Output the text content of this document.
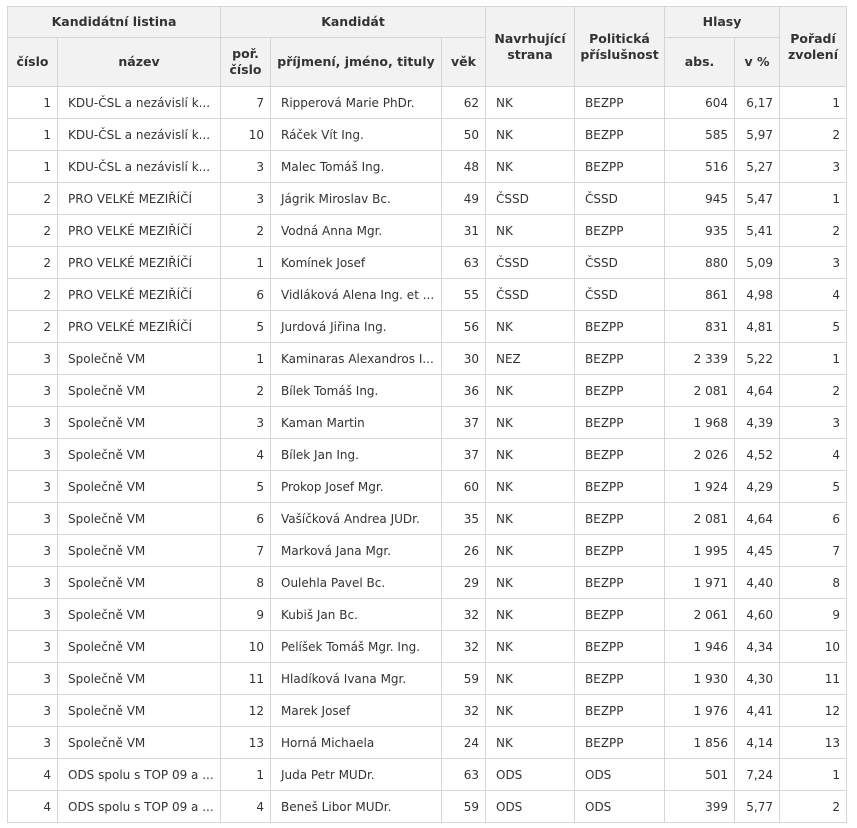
Kandidátní listina		Kandidát			Navrhující strana	Politická příslušnost	Hlasy		Pořadí zvolení
číslo	název	poř. číslo	příjmení, jméno, tituly	věk			abs.	v %	
1	KDU-ČSL a nezávislí k...	7	Ripperová Marie PhDr.	62	NK	BEZPP	604	6,17	1
1	KDU-ČSL a nezávislí k...	10	Ráček Vít Ing.	50	NK	BEZPP	585	5,97	2
1	KDU-ČSL a nezávislí k...	3	Malec Tomáš Ing.	48	NK	BEZPP	516	5,27	3
2	PRO VELKÉ MEZIŘÍČÍ	3	Jágrik Miroslav Bc.	49	ČSSD	ČSSD	945	5,47	1
2	PRO VELKÉ MEZIŘÍČÍ	2	Vodná Anna Mgr.	31	NK	BEZPP	935	5,41	2
2	PRO VELKÉ MEZIŘÍČÍ	1	Komínek Josef	63	ČSSD	ČSSD	880	5,09	3
2	PRO VELKÉ MEZIŘÍČÍ	6	Vidláková Alena Ing. et ...	55	ČSSD	ČSSD	861	4,98	4
2	PRO VELKÉ MEZIŘÍČÍ	5	Jurdová Jiřina Ing.	56	NK	BEZPP	831	4,81	5
3	Společně VM	1	Kaminaras Alexandros I...	30	NEZ	BEZPP	2 339	5,22	1
3	Společně VM	2	Bílek Tomáš Ing.	36	NK	BEZPP	2 081	4,64	2
3	Společně VM	3	Kaman Martin	37	NK	BEZPP	1 968	4,39	3
3	Společně VM	4	Bílek Jan Ing.	37	NK	BEZPP	2 026	4,52	4
3	Společně VM	5	Prokop Josef Mgr.	60	NK	BEZPP	1 924	4,29	5
3	Společně VM	6	Vašíčková Andrea JUDr.	35	NK	BEZPP	2 081	4,64	6
3	Společně VM	7	Marková Jana Mgr.	26	NK	BEZPP	1 995	4,45	7
3	Společně VM	8	Oulehla Pavel Bc.	29	NK	BEZPP	1 971	4,40	8
3	Společně VM	9	Kubiš Jan Bc.	32	NK	BEZPP	2 061	4,60	9
3	Společně VM	10	Pelíšek Tomáš Mgr. Ing.	32	NK	BEZPP	1 946	4,34	10
3	Společně VM	11	Hladíková Ivana Mgr.	59	NK	BEZPP	1 930	4,30	11
3	Společně VM	12	Marek Josef	32	NK	BEZPP	1 976	4,41	12
3	Společně VM	13	Horná Michaela	24	NK	BEZPP	1 856	4,14	13
4	ODS spolu s TOP 09 a ...	1	Juda Petr MUDr.	63	ODS	ODS	501	7,24	1
4	ODS spolu s TOP 09 a ...	4	Beneš Libor MUDr.	59	ODS	ODS	399	5,77	2
